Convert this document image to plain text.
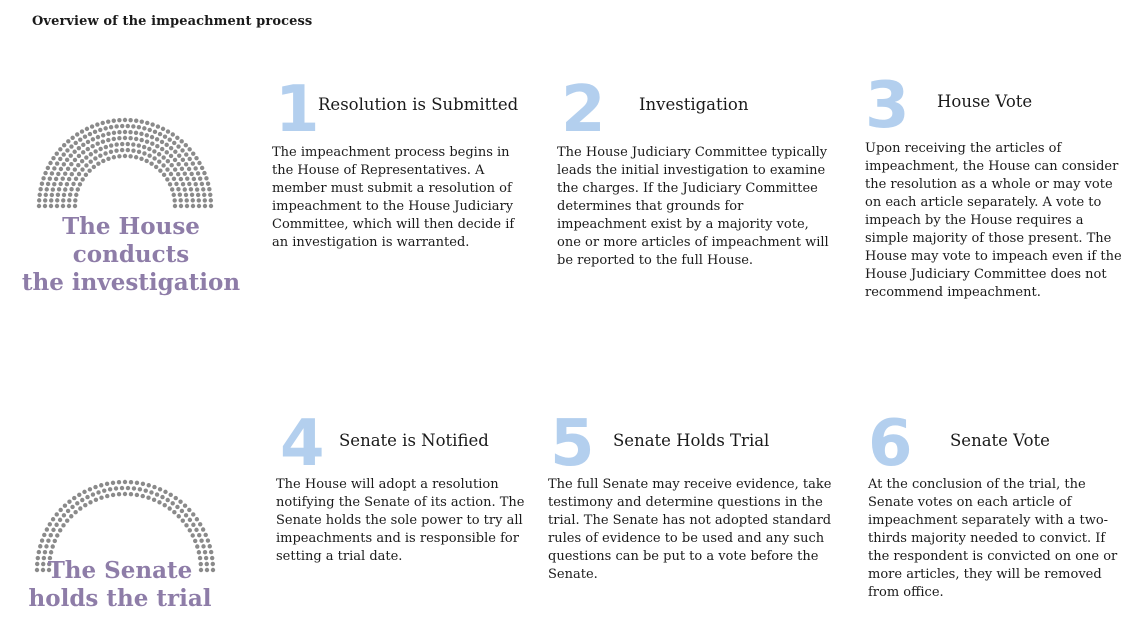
Overview of the impeachment process
The House conducts
the investigation
The Senate
holds the trial
1
Resolution is Submitted
The impeachment process begins in the House of Representatives. A member must submit a resolution of impeachment to the House Judiciary Committee, which will then decide if an investigation is warranted.
2 Investigation
The House Judiciary Committee typically leads the initial investigation to examine the charges. If the Judiciary Committee determines that grounds for impeachment exist by a majority vote, one or more articles of impeachment will be reported to the full House.
3 House Vote
Upon receiving the articles of impeachment, the House can consider the resolution as a whole or may vote on each article separately. A vote to impeach by the House requires a simple majority of those present. The House may vote to impeach even if the House Judiciary Committee does not recommend impeachment.
4 Senate is Notified
The House will adopt a resolution notifying the Senate of its action. The Senate holds the sole power to try all impeachments and is responsible for setting a trial date.
5 Senate Holds Trial
The full Senate may receive evidence, take testimony and determine questions in the trial. The Senate has not adopted standard rules of evidence to be used and any such questions can be put to a vote before the Senate.
6 Senate Vote
At the conclusion of the trial, the Senate votes on each article of impeachment separately with a two-thirds majority needed to convict. If the respondent is convicted on one or more articles, they will be removed from office.
